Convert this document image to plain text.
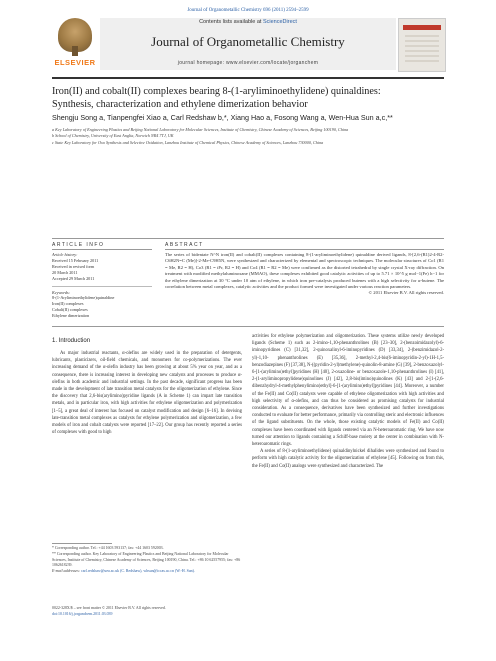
Journal of Organometallic Chemistry 696 (2011) 2594–2599
ELSEVIER
Contents lists available at ScienceDirect
Journal of Organometallic Chemistry
journal homepage: www.elsevier.com/locate/jorganchem
Iron(II) and cobalt(II) complexes bearing 8-(1-aryliminoethylidene) quinaldines:
Synthesis, characterization and ethylene dimerization behavior
Shengju Song a, Tianpengfei Xiao a, Carl Redshaw b,*, Xiang Hao a, Fosong Wang a, Wen-Hua Sun a,c,**
a Key Laboratory of Engineering Plastics and Beijing National Laboratory for Molecular Sciences, Institute of Chemistry, Chinese Academy of Sciences, Beijing 100190, China
b School of Chemistry, University of East Anglia, Norwich NR4 7TJ, UK
c State Key Laboratory for Oxo Synthesis and Selective Oxidation, Lanzhou Institute of Chemical Physics, Chinese Academy of Sciences, Lanzhou 730000, China
ARTICLE INFO	ABSTRACT
Article history:
Received 15 February 2011
Received in revised form
20 March 2011
Accepted 29 March 2011
Keywords:
8-(1-Aryliminoethylidene)quinaldine
Iron(II) complexes
Cobalt(II) complexes
Ethylene dimerization

The series of bidentate N^N iron(II) and cobalt(II) complexes containing 8-(1-aryliminoethylidene) quinaldine derived ligands, 8-[2,6-(R1)2-4-R2-C6H2N=C (Me)]-2-Me-C9H5N, were synthesized and characterized by elemental and spectroscopic techniques. The molecular structures of Co1 (R1 = Me, R2 = H), Co3 (R1 = iPr, R2 = H) and Co4 (R1 = R2 = Me) were confirmed as the distorted tetrahedral by single crystal X-ray diffraction. On treatment with modified methylaluminoxane (MMAO), these complexes exhibited good catalytic activities of up to 5.71 × 10^5 g mol−1(Fe) h−1 for the ethylene dimerization at 30 °C under 10 atm of ethylene, in which iron pre-catalysts produced butenes with a high selectivity for α-butene. The correlation between metal complexes, catalytic activities and the product formed were investigated under various reaction parameters.

© 2011 Elsevier B.V. All rights reserved.

1. Introduction

As major industrial reactants, α-olefins are widely used in the preparation of detergents, lubricants, plasticizers, oil-field chemicals, and monomers for co-polymerizations. The ever increasing demand of the α-olefin industry has been growing at about 5% year on year, and as a consequence, there is increasing interest in developing new catalysts and processes to produce α-olefins in both academic and industrial settings. In the past decade, significant progress has been made in the development of late transition metal catalysts for the oligomerization of ethylene. Since the discovery that 2,6-bis(arylimino)pyridine ligands (A in Scheme 1) can impart late transition metals, and in particular iron, with high activities for ethylene oligomerization and polymerization [1–5], a great deal of interest has focused on catalyst modification and design [6–16]. In devising late-transition metal complexes as catalysts for ethylene polymerization and oligomerization, a few models of iron and cobalt catalysts were reported [17–22]. Our group has recently reported a series of complexes with good to high

activities for ethylene polymerization and oligomerization. These systems utilize newly developed ligands (Scheme 1) such as 2-imino-1,10-phenanthrolines (B) [23–30], 2-(benzoimidazolyl)-6-iminopyridines (C) [31,32], 2-quinoxalinyl-6-iminopyridines (D) [33,34], 2-(benzimidazol-2-yl)-1,10- phenanthrolines (E) [35,36], 2-methyl-2,4-bis(6-iminopyridin-2-yl)-1H-1,5- benzodiazepines (F) [37,38], N-((pyridin-2-yl)methylene)-quinolin-8-amine (G) [39], 2-benzoxazolyl-6-[1-(arylimino)ethyl]pyridines (H) [40], 2-oxazoline- or benzoxazole-1,10-phenanthrolines (I) [41], 2-(1-aryliminopropylidene)quinolines (J) [42], 2,8-bis(imino)quinolines (K) [43] and 2-[1-(2,6-dibenzhydryl-4-methylphenylimino)ethyl]-6-[1-(arylimino)ethyl]pyridines [44]. Moreover, a number of the Fe(II) and Co(II) catalysts were capable of ethylene oligomerization with high activities and high selectivity of α-olefins, and can thus be considered as promising catalysts for industrial consideration. As a consequence, derivatives have been synthesized and further investigations conducted to evaluate for better performance, primarily via controlling steric and electronic influences of the ligand substituents. On the whole, those existing catalytic models of Fe(II) and Co(II) complexes have been coordinated with ligands centered via an N-heteroaromatic ring. We have now turned our attention to ligands containing a Schiff-base moiety at the center in combination with N-heteroaromatic rings.

A series of 8-(1-aryliminoethylidene) quinaldinylnickel dihalides were synthesized and found to perform with high catalytic activity for the oligomerization of ethylene [45]. Following on from this, the Fe(II) and Co(II) analogs were synthesized and characterized. The

* Corresponding author. Tel.: +44 1603 593137; fax: +44 1603 592003.
** Corresponding author. Key Laboratory of Engineering Plastics and Beijing National Laboratory for Molecular Sciences, Institute of Chemistry, Chinese Academy of Sciences, Beijing 100190, China. Tel.: +86 10 62557955; fax: +86 1062618239.
E-mail addresses: carl.redshaw@uea.ac.uk (C. Redshaw), whsun@iccas.ac.cn (W.-H. Sun).
0022-328X/$ – see front matter © 2011 Elsevier B.V. All rights reserved.
doi:10.1016/j.jorganchem.2011.03.039
